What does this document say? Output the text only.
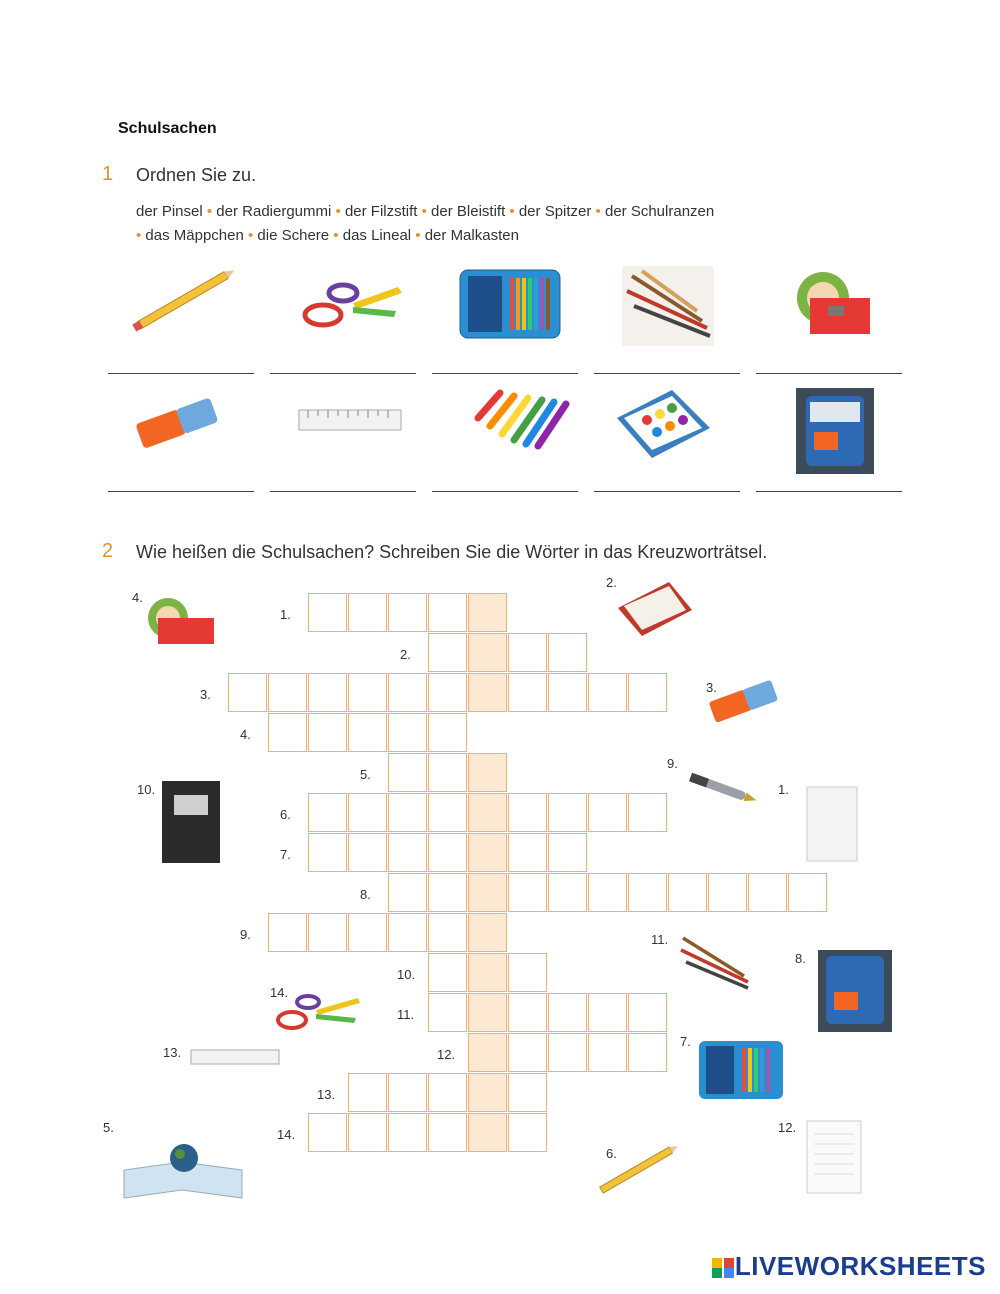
Schulsachen
1 Ordnen Sie zu.
der Pinsel • der Radiergummi • der Filzstift • der Bleistift • der Spitzer • der Schulranzen
• das Mäppchen • die Schere • das Lineal • der Malkasten
2 Wie heißen die Schulsachen? Schreiben Sie die Wörter in das Kreuzworträtsel.
1.
2.
3.
4.
5.
6.
7.
8.
9.
10.
11.
12.
13.
14.
4.
2.
3.
10.
9.
1.
11.
8.
14.
13.
7.
5.	12.
6.

LIVEWORKSHEETS
